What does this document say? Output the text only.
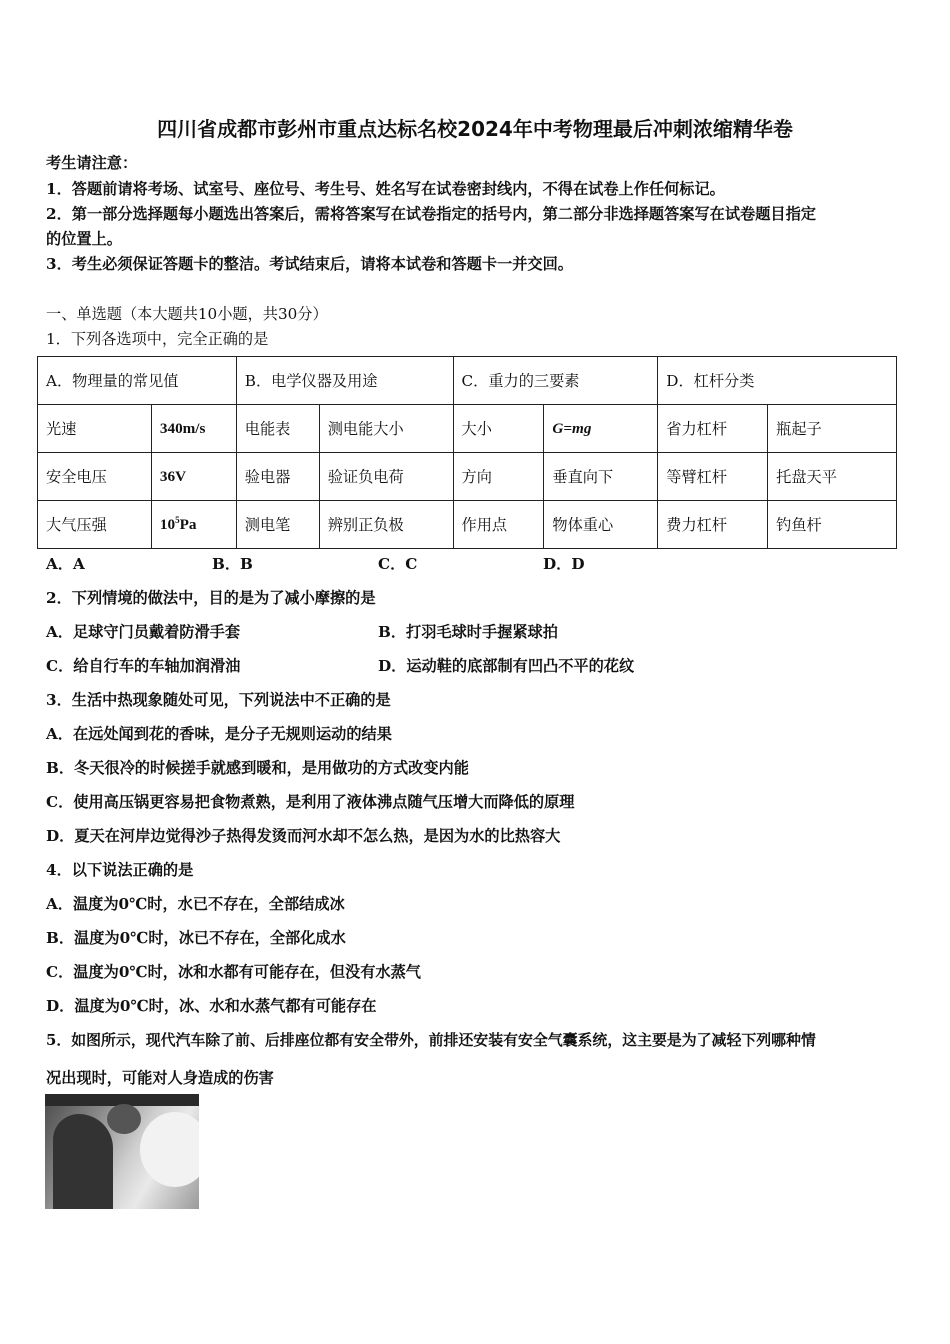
四川省成都市彭州市重点达标名校2024年中考物理最后冲刺浓缩精华卷
考生请注意：
1．答题前请将考场、试室号、座位号、考生号、姓名写在试卷密封线内，不得在试卷上作任何标记。
2．第一部分选择题每小题选出答案后，需将答案写在试卷指定的括号内，第二部分非选择题答案写在试卷题目指定
的位置上。
3．考生必须保证答题卡的整洁。考试结束后，请将本试卷和答题卡一并交回。
一、单选题（本大题共10小题，共30分）
1．下列各选项中，完全正确的是
A．物理量的常见值		B．电学仪器及用途		C．重力的三要素		D．杠杆分类	
光速	340m/s	电能表	测电能大小	大小	G=mg	省力杠杆	瓶起子
安全电压	36V	验电器	验证负电荷	方向	垂直向下	等臂杠杆	托盘天平
大气压强	$10^5Pa$	测电笔	辨别正负极	作用点	物体重心	费力杠杆	钓鱼杆
A．A	B．B	C．C	D．D
2．下列情境的做法中，目的是为了减小摩擦的是
A．足球守门员戴着防滑手套	B．打羽毛球时手握紧球拍
C．给自行车的车轴加润滑油	D．运动鞋的底部制有凹凸不平的花纹
3．生活中热现象随处可见，下列说法中不正确的是
A．在远处闻到花的香味，是分子无规则运动的结果
B．冬天很冷的时候搓手就感到暖和，是用做功的方式改变内能
C．使用高压锅更容易把食物煮熟，是利用了液体沸点随气压增大而降低的原理
D．夏天在河岸边觉得沙子热得发烫而河水却不怎么热，是因为水的比热容大
4．以下说法正确的是
A．温度为0℃时，水已不存在，全部结成冰
B．温度为0℃时，冰已不存在，全部化成水
C．温度为0℃时，冰和水都有可能存在，但没有水蒸气
D．温度为0℃时，冰、水和水蒸气都有可能存在
5．如图所示，现代汽车除了前、后排座位都有安全带外，前排还安装有安全气囊系统，这主要是为了减轻下列哪种情
况出现时，可能对人身造成的伤害
